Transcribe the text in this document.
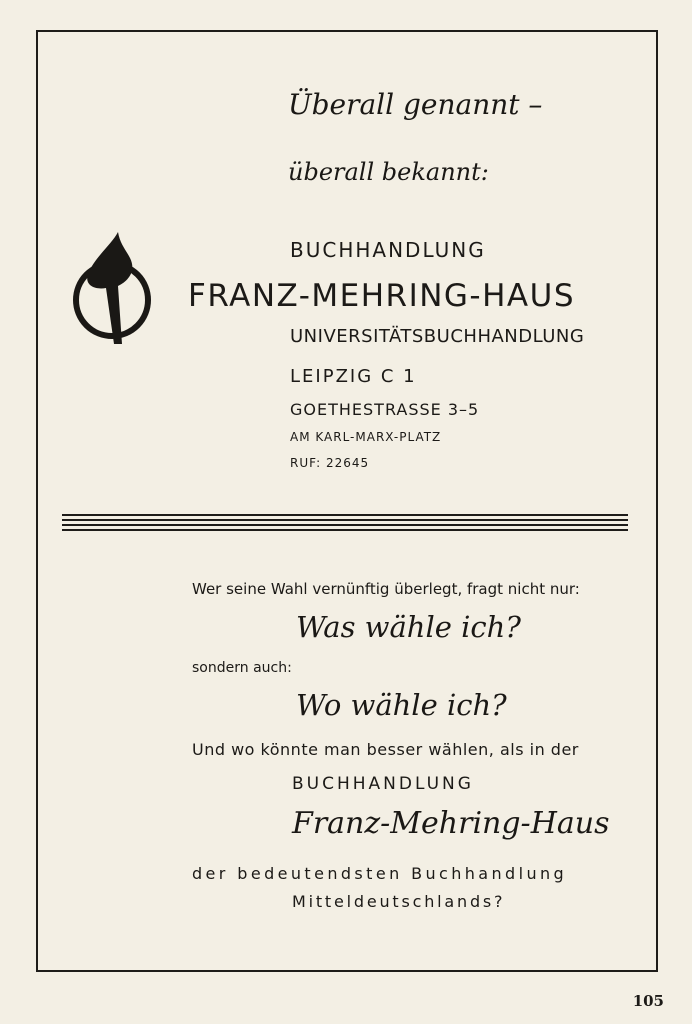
Überall genannt –
überall bekannt:
BUCHHANDLUNG
FRANZ-MEHRING-HAUS
UNIVERSITÄTSBUCHHANDLUNG
LEIPZIG C 1
GOETHESTRASSE 3–5
AM KARL-MARX-PLATZ
RUF: 22645
Wer seine Wahl vernünftig überlegt, fragt nicht nur:
Was wähle ich?
sondern auch:
Wo wähle ich?
Und wo könnte man besser wählen, als in der
BUCHHANDLUNG
Franz-Mehring-Haus
der bedeutendsten Buchhandlung
Mitteldeutschlands?
105
